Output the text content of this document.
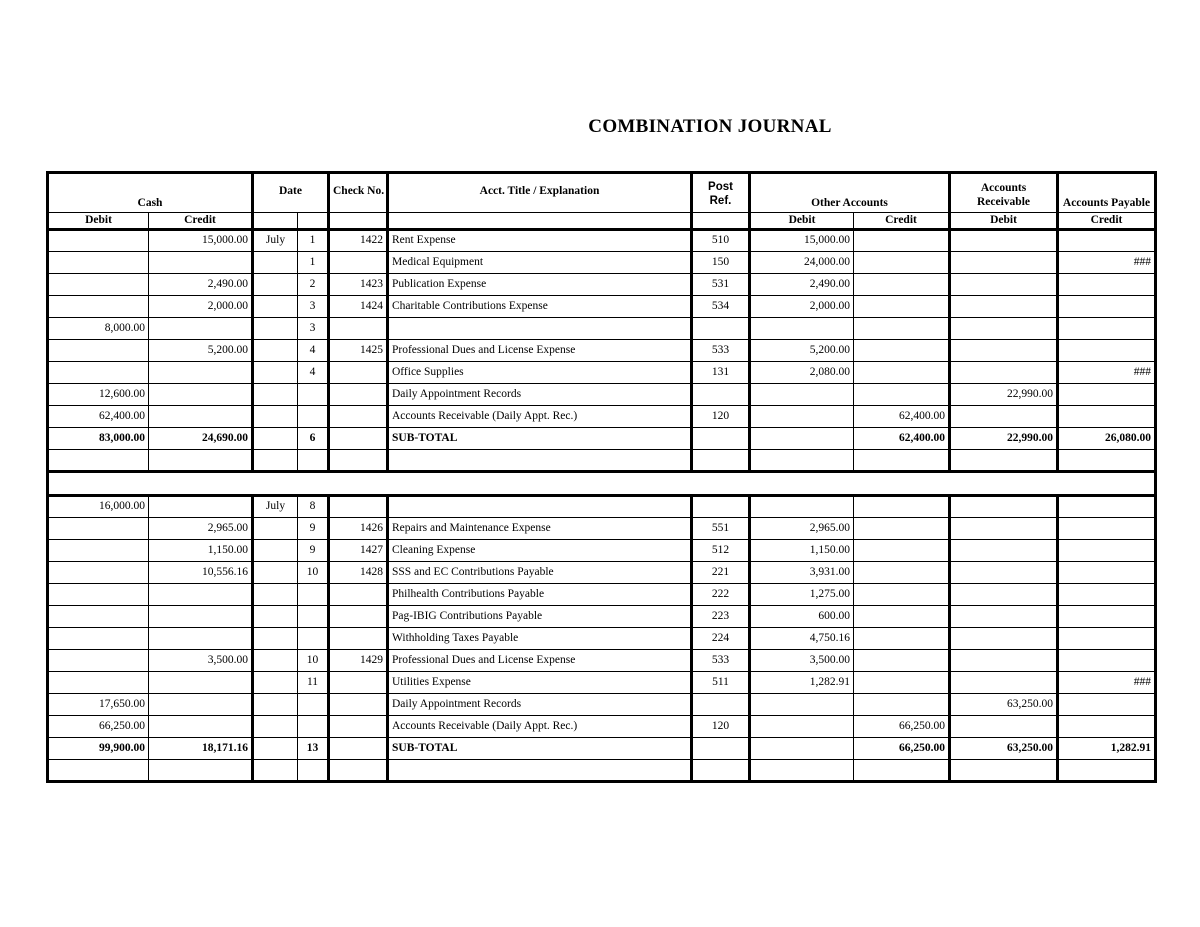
COMBINATION JOURNAL
Cash		Date		Check No.	Acct. Title / Explanation	Post Ref.	Other Accounts		Accounts Receivable	Accounts Payable
Debit	Credit						Debit	Credit	Debit	Credit
	15,000.00	July	1	1422	Rent Expense	510	15,000.00			
			1		Medical Equipment	150	24,000.00			###
	2,490.00		2	1423	Publication Expense	531	2,490.00			
	2,000.00		3	1424	Charitable Contributions Expense	534	2,000.00			
8,000.00			3							
	5,200.00		4	1425	Professional Dues and License Expense	533	5,200.00			
			4		Office Supplies	131	2,080.00			###
12,600.00					Daily Appointment Records				22,990.00	
62,400.00					Accounts Receivable (Daily Appt. Rec.)	120		62,400.00		
83,000.00	24,690.00		6		SUB-TOTAL			62,400.00	22,990.00	26,080.00

16,000.00		July	8							
	2,965.00		9	1426	Repairs and Maintenance Expense	551	2,965.00			
	1,150.00		9	1427	Cleaning Expense	512	1,150.00			
	10,556.16		10	1428	SSS and EC Contributions Payable	221	3,931.00			
					Philhealth Contributions Payable	222	1,275.00			
					Pag-IBIG Contributions Payable	223	600.00			
					Withholding Taxes Payable	224	4,750.16			
	3,500.00		10	1429	Professional Dues and License Expense	533	3,500.00			
			11		Utilities Expense	511	1,282.91			###
17,650.00					Daily Appointment Records				63,250.00	
66,250.00					Accounts Receivable (Daily Appt. Rec.)	120		66,250.00		
99,900.00	18,171.16		13		SUB-TOTAL			66,250.00	63,250.00	1,282.91
